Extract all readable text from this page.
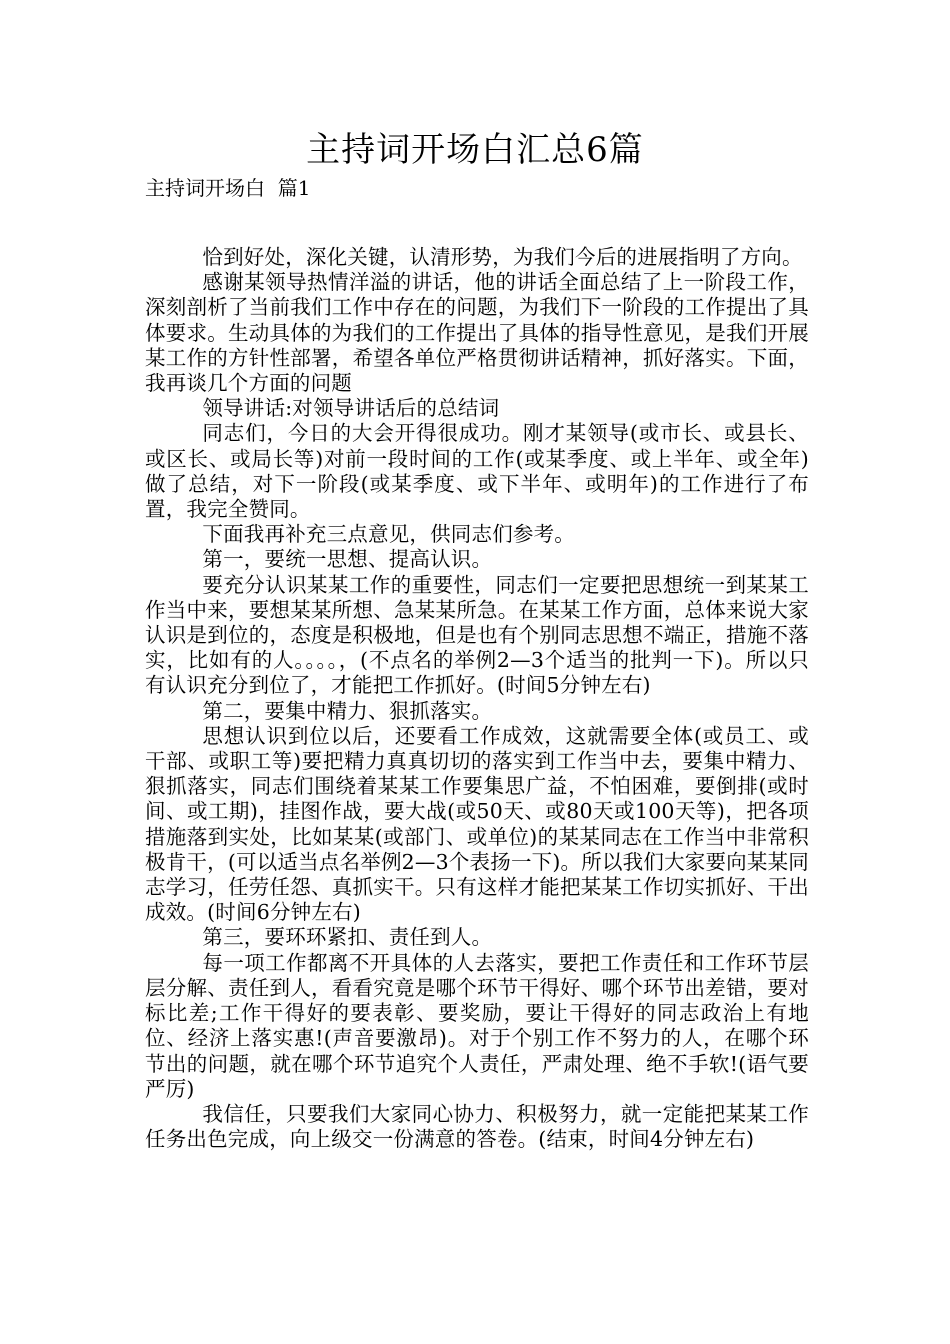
主持词开场白汇总6篇
主持词开场白  篇1

恰到好处，深化关键，认清形势，为我们今后的进展指明了方向。

感谢某领导热情洋溢的讲话，他的讲话全面总结了上一阶段工作，深刻剖析了当前我们工作中存在的问题，为我们下一阶段的工作提出了具体要求。生动具体的为我们的工作提出了具体的指导性意见，是我们开展某工作的方针性部署，希望各单位严格贯彻讲话精神，抓好落实。下面，我再谈几个方面的问题

领导讲话:对领导讲话后的总结词

同志们，今日的大会开得很成功。刚才某领导(或市长、或县长、或区长、或局长等)对前一段时间的工作(或某季度、或上半年、或全年)做了总结，对下一阶段(或某季度、或下半年、或明年)的工作进行了布置，我完全赞同。

下面我再补充三点意见，供同志们参考。

第一，要统一思想、提高认识。

要充分认识某某工作的重要性，同志们一定要把思想统一到某某工作当中来，要想某某所想、急某某所急。在某某工作方面，总体来说大家认识是到位的，态度是积极地，但是也有个别同志思想不端正，措施不落实，比如有的人。。。。，(不点名的举例2—3个适当的批判一下)。所以只有认识充分到位了，才能把工作抓好。(时间5分钟左右)

第二，要集中精力、狠抓落实。

思想认识到位以后，还要看工作成效，这就需要全体(或员工、或干部、或职工等)要把精力真真切切的落实到工作当中去，要集中精力、狠抓落实，同志们围绕着某某工作要集思广益，不怕困难，要倒排(或时间、或工期)，挂图作战，要大战(或50天、或80天或100天等)，把各项措施落到实处，比如某某(或部门、或单位)的某某同志在工作当中非常积极肯干，(可以适当点名举例2—3个表扬一下)。所以我们大家要向某某同志学习，任劳任怨、真抓实干。只有这样才能把某某工作切实抓好、干出成效。(时间6分钟左右)

第三，要环环紧扣、责任到人。

每一项工作都离不开具体的人去落实，要把工作责任和工作环节层层分解、责任到人，看看究竟是哪个环节干得好、哪个环节出差错，要对标比差;工作干得好的要表彰、要奖励，要让干得好的同志政治上有地位、经济上落实惠!(声音要激昂)。对于个别工作不努力的人，在哪个环节出的问题，就在哪个环节追究个人责任，严肃处理、绝不手软!(语气要严厉)

我信任，只要我们大家同心协力、积极努力，就一定能把某某工作任务出色完成，向上级交一份满意的答卷。(结束，时间4分钟左右)
